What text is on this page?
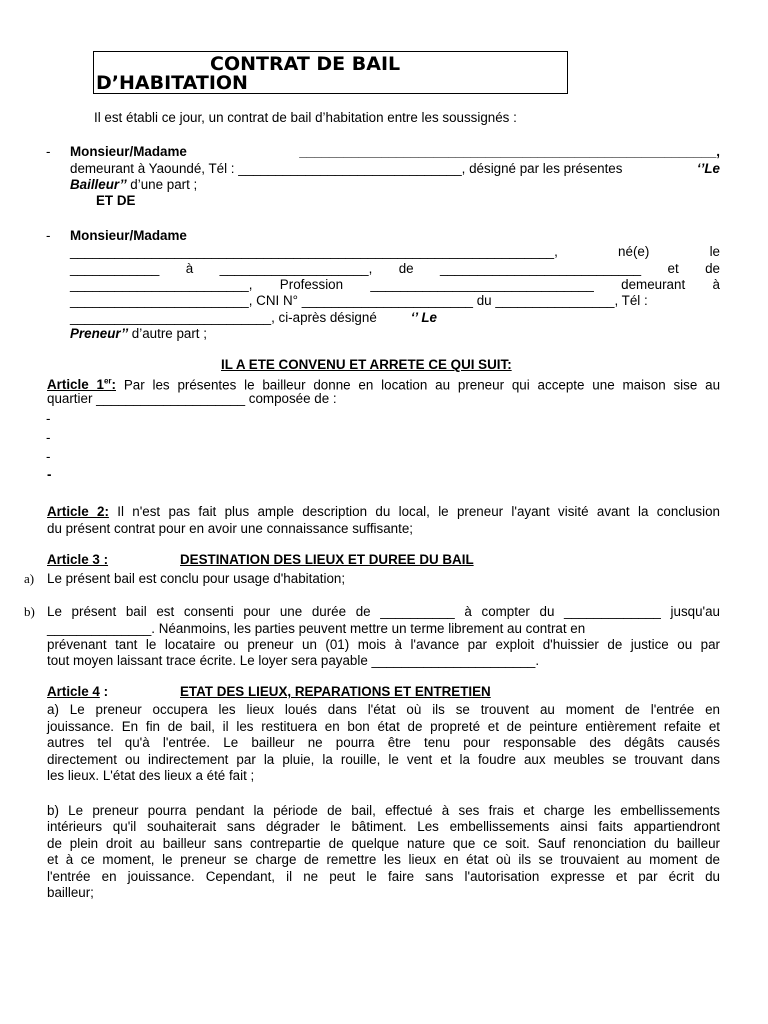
CONTRAT DE BAIL
D’HABITATION
Il est établi ce jour, un contrat de bail d’habitation entre les soussignés :
- Monsieur/Madame	________________________________________________________,
demeurant à Yaoundé, Tél : ______________________________, désigné par les présentes	‘’Le
Bailleur’’ d’une part ;
ET DE
- Monsieur/Madame
_________________________________________________________________,	né(e)	le
____________ à ____________________, de ___________________________ et de
________________________, Profession ______________________________ demeurant à
________________________, CNI N° _______________________ du ________________, Tél :
___________________________, ci-après désigné	‘’ Le
Preneur’’ d’autre part ;
IL A ETE CONVENU ET ARRETE CE QUI SUIT:
Article 1er: Par les présentes le bailleur donne en location au preneur qui accepte une maison sise au
quartier ____________________ composée de :
-
-
-
-
Article 2: Il n'est pas fait plus ample description du local, le preneur l'ayant visité avant la conclusion
du présent contrat pour en avoir une connaissance suffisante;
Article 3 :	DESTINATION DES LIEUX ET DUREE DU BAIL
a) Le présent bail est conclu pour usage d'habitation;
b) Le présent bail est consenti pour une durée de __________ à compter du _____________ jusqu'au
______________. Néanmoins, les parties peuvent mettre un terme librement au contrat en
prévenant tant le locataire ou preneur un (01) mois à l'avance par exploit d'huissier de justice ou par
tout moyen laissant trace écrite. Le loyer sera payable ______________________.
Article 4 :	ETAT DES LIEUX, REPARATIONS ET ENTRETIEN
a) Le preneur occupera les lieux loués dans l'état où ils se trouvent au moment de l'entrée en
jouissance. En fin de bail, il les restituera en bon état de propreté et de peinture entièrement refaite et
autres tel qu'à l'entrée. Le bailleur ne pourra être tenu pour responsable des dégâts causés
directement ou indirectement par la pluie, la rouille, le vent et la foudre aux meubles se trouvant dans
les lieux. L'état des lieux a été fait ;
b) Le preneur pourra pendant la période de bail, effectué à ses frais et charge les embellissements
intérieurs qu'il souhaiterait sans dégrader le bâtiment. Les embellissements ainsi faits appartiendront
de plein droit au bailleur sans contrepartie de quelque nature que ce soit. Sauf renonciation du bailleur
et à ce moment, le preneur se charge de remettre les lieux en état où ils se trouvaient au moment de
l'entrée en jouissance. Cependant, il ne peut le faire sans l'autorisation expresse et par écrit du
bailleur;
